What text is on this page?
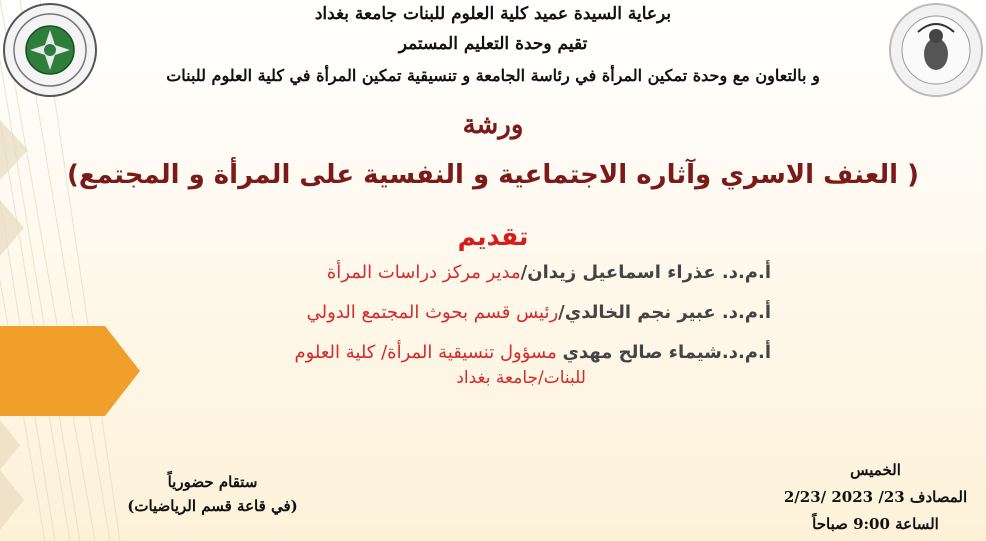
برعاية السيدة عميد كلية العلوم للبنات جامعة بغداد
تقيم وحدة التعليم المستمر
و بالتعاون مع وحدة تمكين المرأة في رئاسة الجامعة و تنسيقية تمكين المرأة في كلية العلوم للبنات
ورشة
( العنف الاسري وآثاره الاجتماعية و النفسية على المرأة و المجتمع)
تقديم
أ.م.د. عذراء اسماعيل زيدان/مدير مركز دراسات المرأة
أ.م.د. عبير نجم الخالدي/رئيس قسم بحوث المجتمع الدولي
أ.م.د.شيماء صالح مهدي مسؤول تنسيقية المرأة/ كلية العلوم
للبنات/جامعة بغداد
ستقام حضورياً
(في قاعة قسم الرياضيات)
الخميس
المصادف 23/ 2023 /2/23
الساعة 9:00 صباحاً
